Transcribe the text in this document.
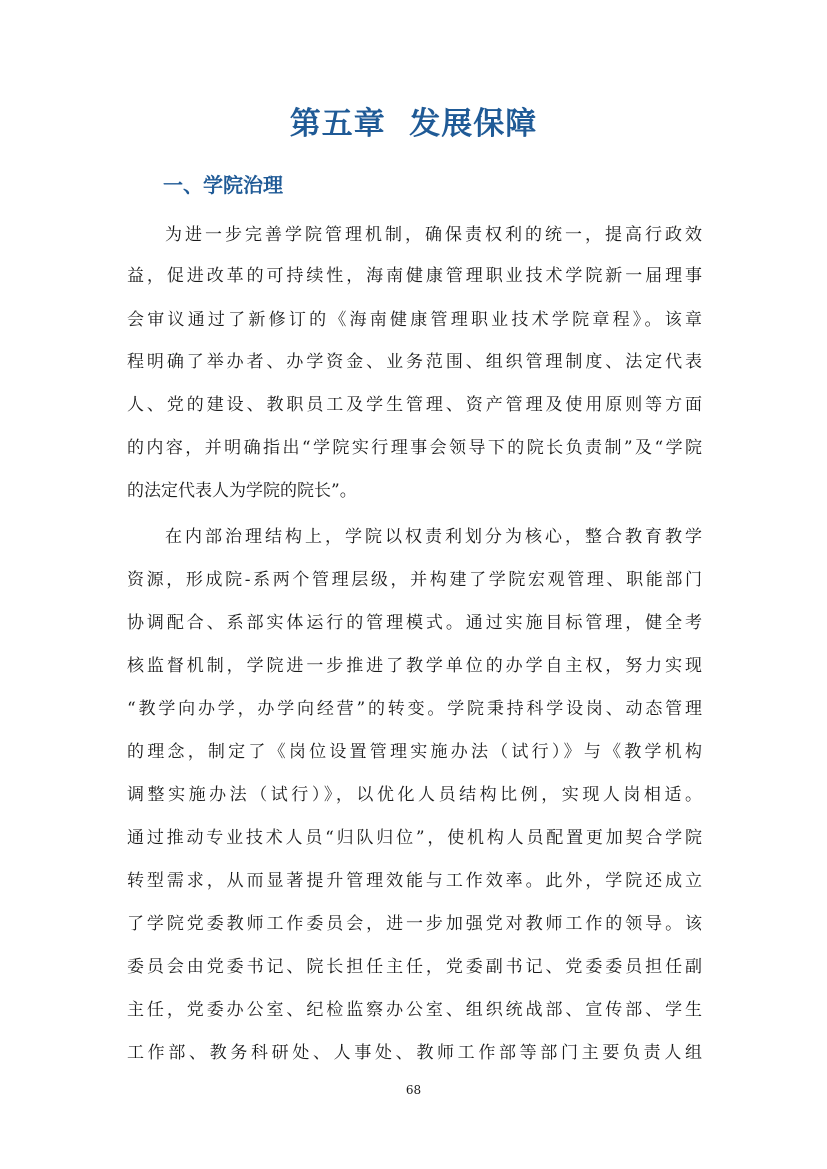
第五章  发展保障
一、学院治理
为进一步完善学院管理机制，确保责权利的统一，提高行政效
益，促进改革的可持续性，海南健康管理职业技术学院新一届理事
会审议通过了新修订的《海南健康管理职业技术学院章程》。该章
程明确了举办者、办学资金、业务范围、组织管理制度、法定代表
人、党的建设、教职员工及学生管理、资产管理及使用原则等方面
的内容，并明确指出“学院实行理事会领导下的院长负责制”及“学院
的法定代表人为学院的院长”。
在内部治理结构上，学院以权责利划分为核心，整合教育教学
资源，形成院-系两个管理层级，并构建了学院宏观管理、职能部门
协调配合、系部实体运行的管理模式。通过实施目标管理，健全考
核监督机制，学院进一步推进了教学单位的办学自主权，努力实现
“教学向办学，办学向经营”的转变。学院秉持科学设岗、动态管理
的理念，制定了《岗位设置管理实施办法（试行）》与《教学机构
调整实施办法（试行）》，以优化人员结构比例，实现人岗相适。
通过推动专业技术人员“归队归位”，使机构人员配置更加契合学院
转型需求，从而显著提升管理效能与工作效率。此外，学院还成立
了学院党委教师工作委员会，进一步加强党对教师工作的领导。该
委员会由党委书记、院长担任主任，党委副书记、党委委员担任副
主任，党委办公室、纪检监察办公室、组织统战部、宣传部、学生
工作部、教务科研处、人事处、教师工作部等部门主要负责人组
68
